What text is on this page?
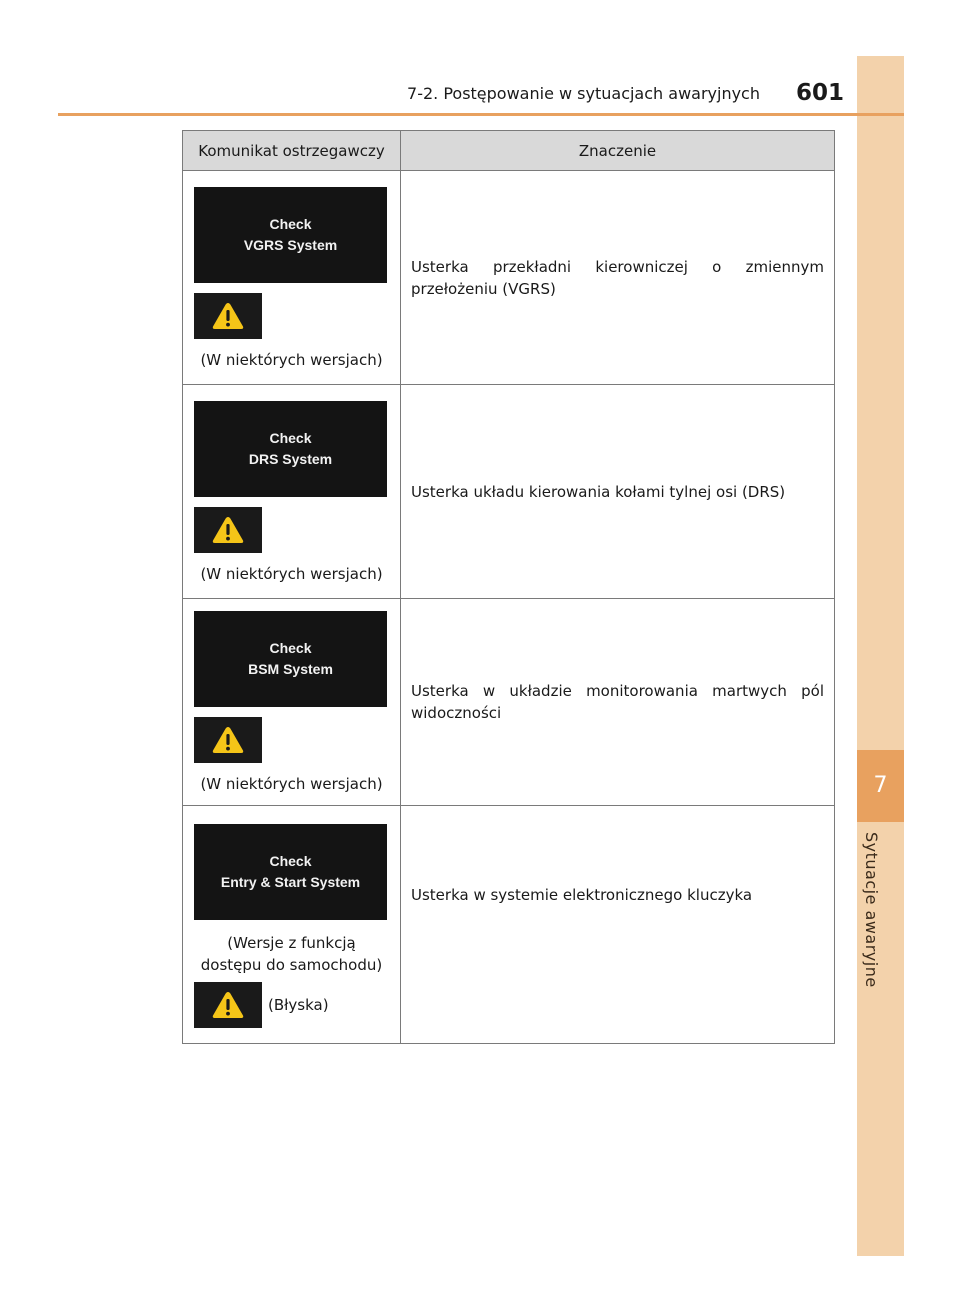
7
Sytuacje awaryjne
7-2. Postępowanie w sytuacjach awaryjnych	601
Komunikat ostrzegawczy	Znaczenie

Check
VGRS System
(W niektórych wersjach)	Usterka przekładni kierowniczej o zmiennym przełożeniu (VGRS)

Check
DRS System
(W niektórych wersjach)	Usterka układu kierowania kołami tylnej osi (DRS)

Check
BSM System
(W niektórych wersjach)	Usterka w układzie monitorowania martwych pól widoczności

Check
Entry & Start System
(Wersje z funkcją
dostępu do samochodu)
(Błyska)	Usterka w systemie elektronicznego kluczyka
